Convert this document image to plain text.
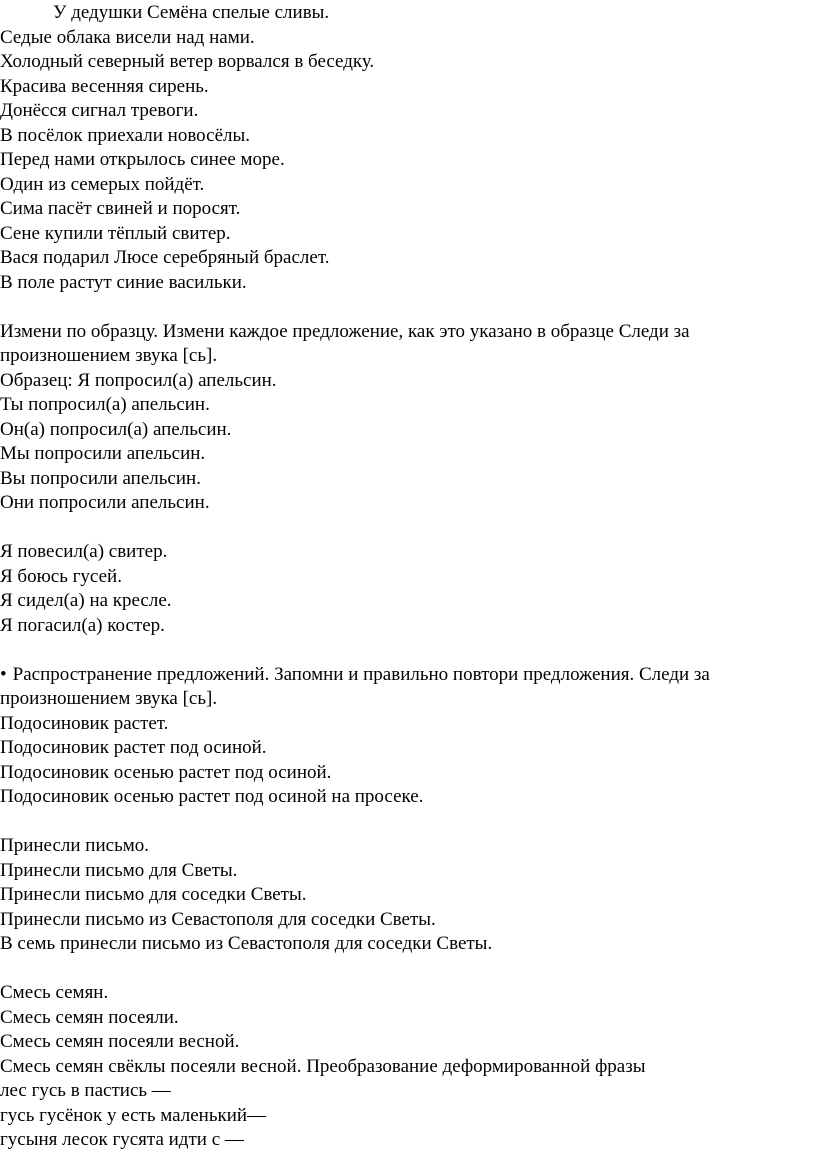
У дедушки Семёна спелые сливы.
Седые облака висели над нами.
Холодный северный ветер ворвался в беседку.
Красива весенняя сирень.
Донёсся сигнал тревоги.
В посёлок приехали новосёлы.
Перед нами открылось синее море.
Один из семерых пойдёт.
Сима пасёт свиней и поросят.
Сене купили тёплый свитер.
Вася подарил Люсе серебряный браслет.
В поле растут синие васильки.
Измени по образцу. Измени каждое предложение, как это указано в образце Следи за
произношением звука [сь].
Образец: Я попросил(а) апельсин.
Ты попросил(а) апельсин.
Он(а) попросил(а) апельсин.
Мы попросили апельсин.
Вы попросили апельсин.
Они попросили апельсин.
Я повесил(а) свитер.
Я боюсь гусей.
Я сидел(а) на кресле.
Я погасил(а) костер.
• Распространение предложений. Запомни и правильно повтори предложения. Следи за
произношением звука [сь].
Подосиновик растет.
Подосиновик растет под осиной.
Подосиновик осенью растет под осиной.
Подосиновик осенью растет под осиной на просеке.
Принесли письмо.
Принесли письмо для Светы.
Принесли письмо для соседки Светы.
Принесли письмо из Севастополя для соседки Светы.
В семь принесли письмо из Севастополя для соседки Светы.
Смесь семян.
Смесь семян посеяли.
Смесь семян посеяли весной.
Смесь семян свёклы посеяли весной. Преобразование деформированной фразы
лес гусь в пастись —
гусь гусёнок у есть маленький—
гусыня лесок гусята идти с —
